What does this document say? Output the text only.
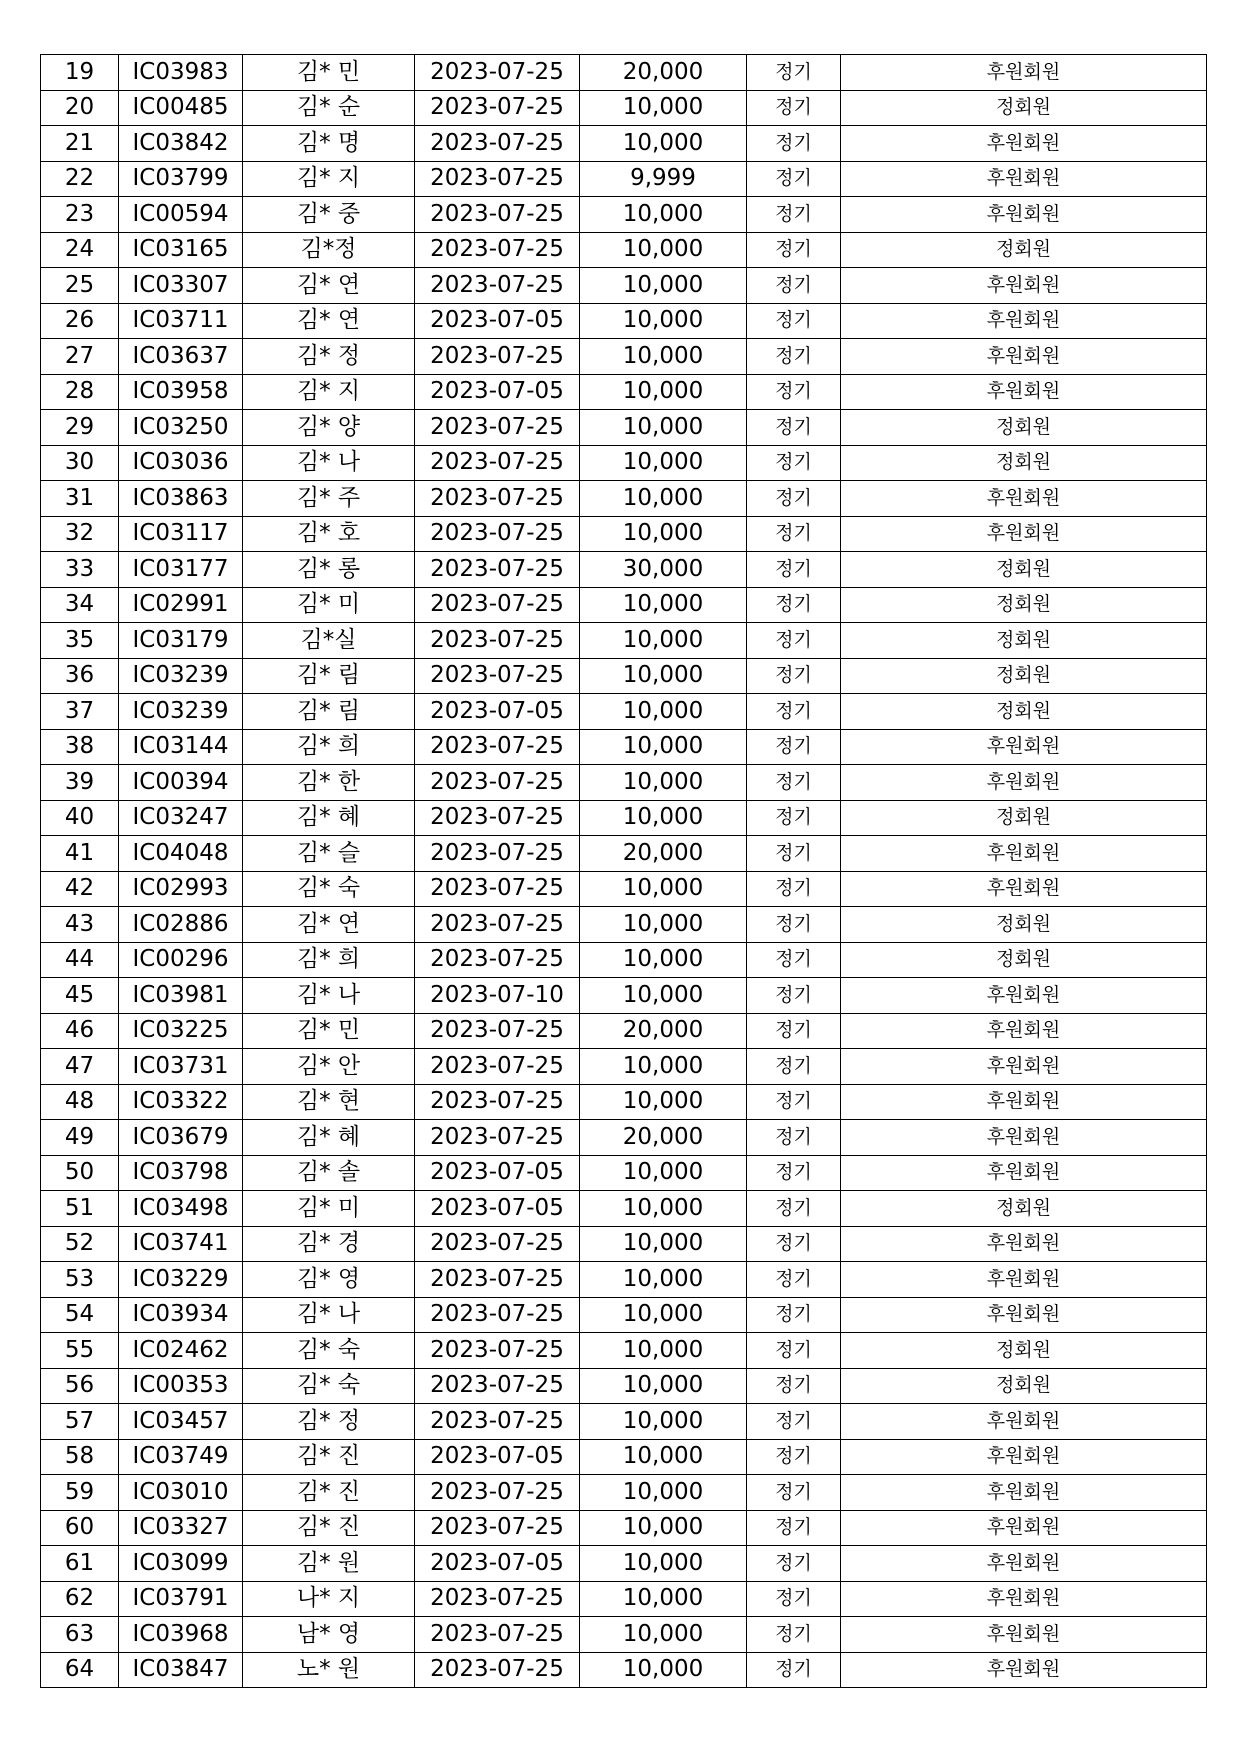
19	IC03983	김* 민	2023-07-25	20,000	정기	후원회원
20	IC00485	김* 순	2023-07-25	10,000	정기	정회원
21	IC03842	김* 명	2023-07-25	10,000	정기	후원회원
22	IC03799	김* 지	2023-07-25	9,999	정기	후원회원
23	IC00594	김* 중	2023-07-25	10,000	정기	후원회원
24	IC03165	김*정	2023-07-25	10,000	정기	정회원
25	IC03307	김* 연	2023-07-25	10,000	정기	후원회원
26	IC03711	김* 연	2023-07-05	10,000	정기	후원회원
27	IC03637	김* 정	2023-07-25	10,000	정기	후원회원
28	IC03958	김* 지	2023-07-05	10,000	정기	후원회원
29	IC03250	김* 양	2023-07-25	10,000	정기	정회원
30	IC03036	김* 나	2023-07-25	10,000	정기	정회원
31	IC03863	김* 주	2023-07-25	10,000	정기	후원회원
32	IC03117	김* 호	2023-07-25	10,000	정기	후원회원
33	IC03177	김* 롱	2023-07-25	30,000	정기	정회원
34	IC02991	김* 미	2023-07-25	10,000	정기	정회원
35	IC03179	김*실	2023-07-25	10,000	정기	정회원
36	IC03239	김* 림	2023-07-25	10,000	정기	정회원
37	IC03239	김* 림	2023-07-05	10,000	정기	정회원
38	IC03144	김* 희	2023-07-25	10,000	정기	후원회원
39	IC00394	김* 한	2023-07-25	10,000	정기	후원회원
40	IC03247	김* 혜	2023-07-25	10,000	정기	정회원
41	IC04048	김* 슬	2023-07-25	20,000	정기	후원회원
42	IC02993	김* 숙	2023-07-25	10,000	정기	후원회원
43	IC02886	김* 연	2023-07-25	10,000	정기	정회원
44	IC00296	김* 희	2023-07-25	10,000	정기	정회원
45	IC03981	김* 나	2023-07-10	10,000	정기	후원회원
46	IC03225	김* 민	2023-07-25	20,000	정기	후원회원
47	IC03731	김* 안	2023-07-25	10,000	정기	후원회원
48	IC03322	김* 현	2023-07-25	10,000	정기	후원회원
49	IC03679	김* 혜	2023-07-25	20,000	정기	후원회원
50	IC03798	김* 솔	2023-07-05	10,000	정기	후원회원
51	IC03498	김* 미	2023-07-05	10,000	정기	정회원
52	IC03741	김* 경	2023-07-25	10,000	정기	후원회원
53	IC03229	김* 영	2023-07-25	10,000	정기	후원회원
54	IC03934	김* 나	2023-07-25	10,000	정기	후원회원
55	IC02462	김* 숙	2023-07-25	10,000	정기	정회원
56	IC00353	김* 숙	2023-07-25	10,000	정기	정회원
57	IC03457	김* 정	2023-07-25	10,000	정기	후원회원
58	IC03749	김* 진	2023-07-05	10,000	정기	후원회원
59	IC03010	김* 진	2023-07-25	10,000	정기	후원회원
60	IC03327	김* 진	2023-07-25	10,000	정기	후원회원
61	IC03099	김* 원	2023-07-05	10,000	정기	후원회원
62	IC03791	나* 지	2023-07-25	10,000	정기	후원회원
63	IC03968	남* 영	2023-07-25	10,000	정기	후원회원
64	IC03847	노* 원	2023-07-25	10,000	정기	후원회원
